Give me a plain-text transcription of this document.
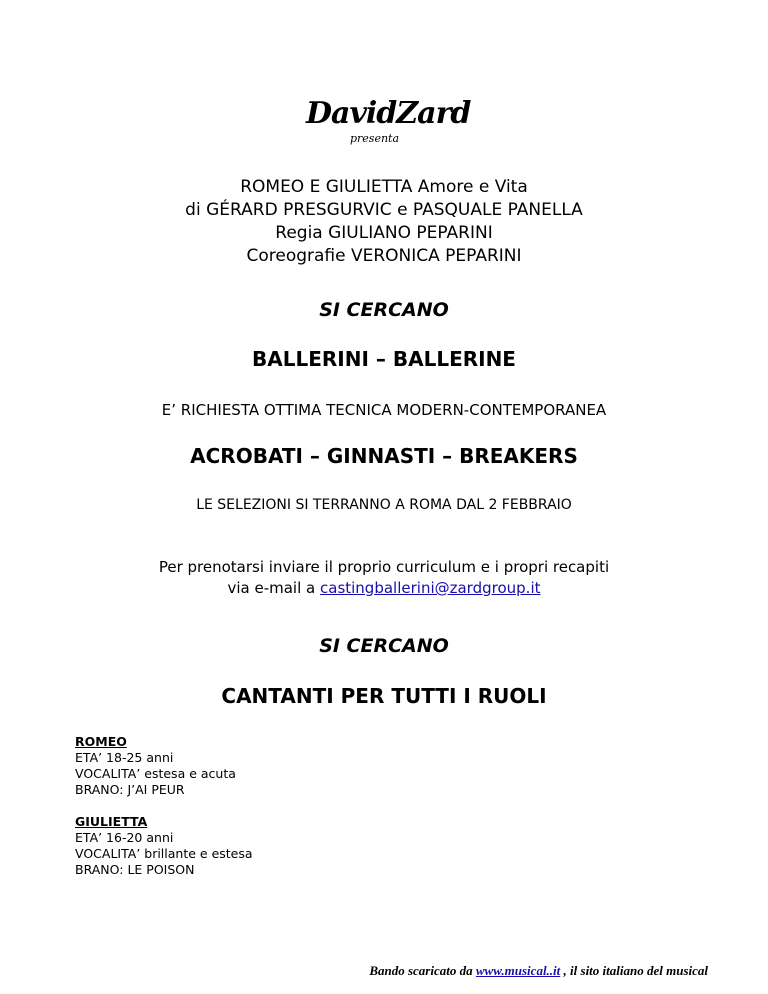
DavidZard
presenta
ROMEO E GIULIETTA Amore e Vita
di GÉRARD PRESGURVIC e PASQUALE PANELLA
Regia GIULIANO PEPARINI
Coreografie VERONICA PEPARINI
SI CERCANO
BALLERINI – BALLERINE
E’ RICHIESTA OTTIMA TECNICA MODERN-CONTEMPORANEA
ACROBATI – GINNASTI – BREAKERS
LE SELEZIONI SI TERRANNO A ROMA DAL 2 FEBBRAIO
Per prenotarsi inviare il proprio curriculum e i propri recapiti
via e-mail a castingballerini@zardgroup.it
SI CERCANO
CANTANTI PER TUTTI I RUOLI
ROMEO
ETA’ 18-25 anni
VOCALITA’ estesa e acuta
BRANO: J’AI PEUR
GIULIETTA
ETA’ 16-20 anni
VOCALITA’ brillante e estesa
BRANO: LE POISON
Bando scaricato da www.musical..it , il sito italiano del musical
